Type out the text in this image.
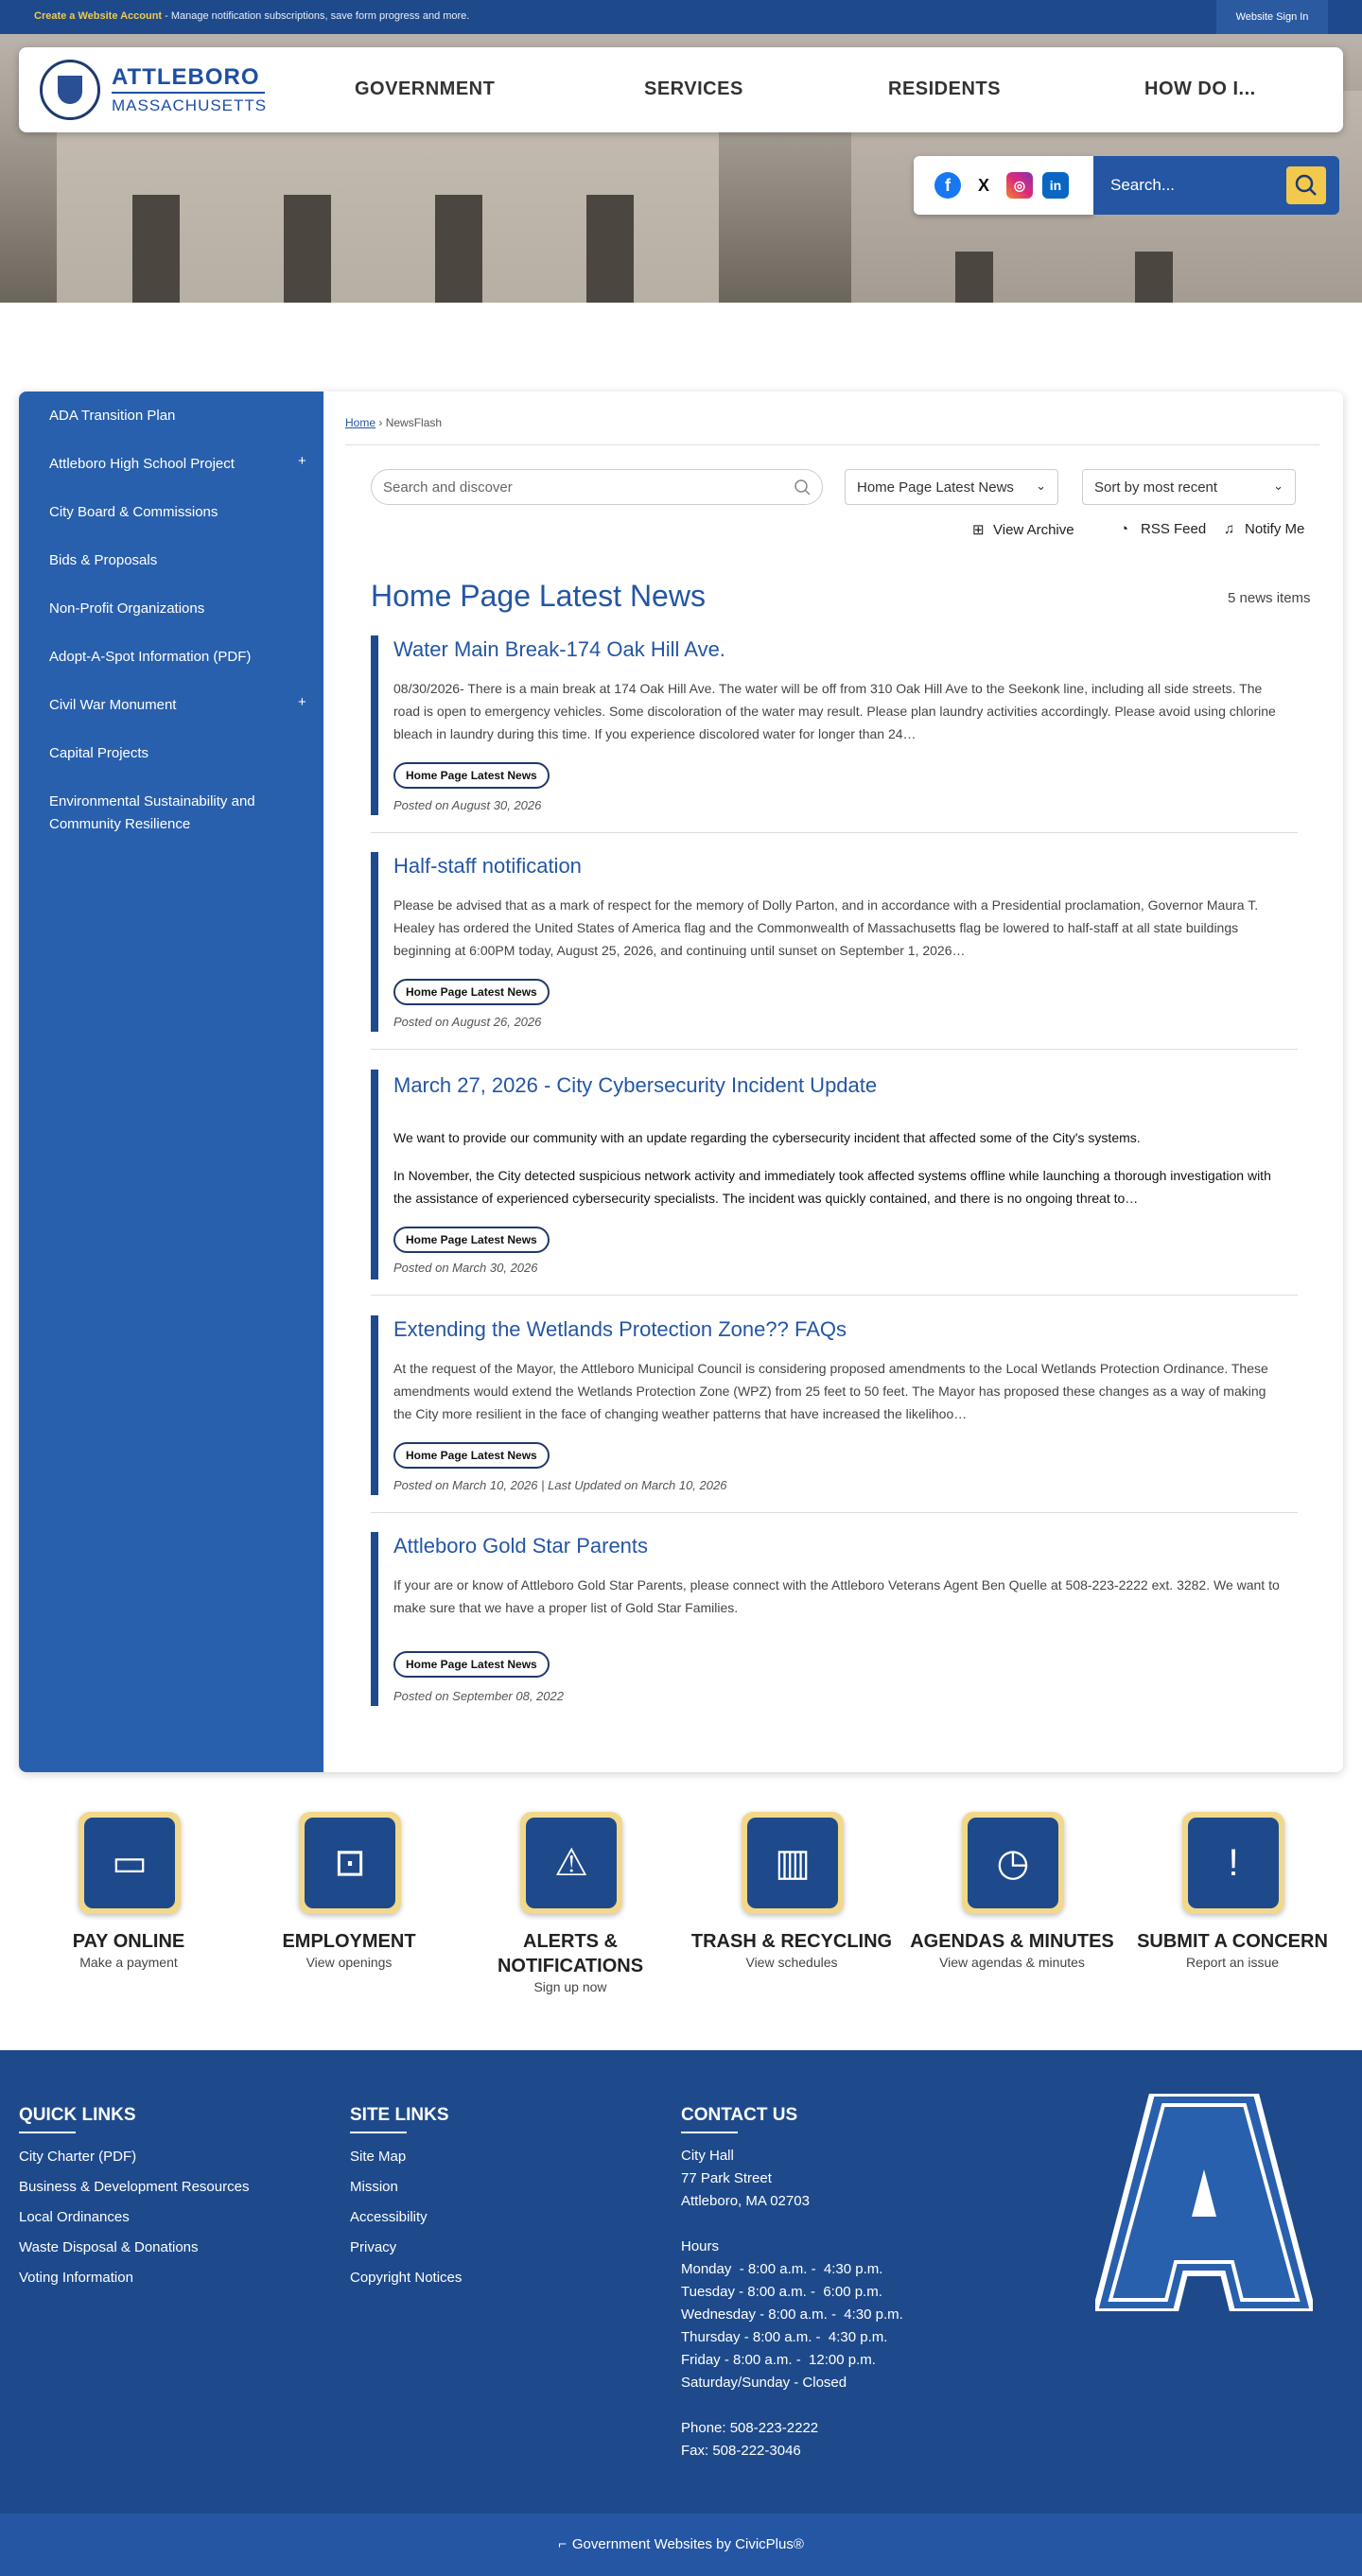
Create a Website Account - Manage notification subscriptions, save form progress and more.	Website Sign In
ATTLEBORO
MASSACHUSETTS
GOVERNMENT	SERVICES	RESIDENTS	HOW DO I...
f	X	◎	in	Search...
ADA Transition Plan
Attleboro High School Project	+
City Board & Commissions
Bids & Proposals
Non-Profit Organizations
Adopt-A-Spot Information (PDF)
Civil War Monument	+
Capital Projects
Environmental Sustainability and Community Resilience
Home › NewsFlash
Search and discover	Home Page Latest News ⌄	Sort by most recent	⌄
⊞ View Archive	◔ RSS Feed ♫ Notify Me
Home Page Latest News	5 news items
Water Main Break-174 Oak Hill Ave.
08/30/2026- There is a main break at 174 Oak Hill Ave. The water will be off from 310 Oak Hill Ave to the Seekonk line, including all side streets. The road is open to emergency vehicles. Some discoloration of the water may result. Please plan laundry activities accordingly. Please avoid using chlorine bleach in laundry during this time. If you experience discolored water for longer than 24…
Home Page Latest News
Posted on August 30, 2026
Half-staff notification
Please be advised that as a mark of respect for the memory of Dolly Parton, and in accordance with a Presidential proclamation, Governor Maura T. Healey has ordered the United States of America flag and the Commonwealth of Massachusetts flag be lowered to half-staff at all state buildings beginning at 6:00PM today, August 25, 2026, and continuing until sunset on September 1, 2026…
Home Page Latest News
Posted on August 26, 2026
March 27, 2026 - City Cybersecurity Incident Update
We want to provide our community with an update regarding the cybersecurity incident that affected some of the City's systems.
In November, the City detected suspicious network activity and immediately took affected systems offline while launching a thorough investigation with the assistance of experienced cybersecurity specialists. The incident was quickly contained, and there is no ongoing threat to…
Home Page Latest News
Posted on March 30, 2026
Extending the Wetlands Protection Zone?? FAQs
At the request of the Mayor, the Attleboro Municipal Council is considering proposed amendments to the Local Wetlands Protection Ordinance. These amendments would extend the Wetlands Protection Zone (WPZ) from 25 feet to 50 feet. The Mayor has proposed these changes as a way of making the City more resilient in the face of changing weather patterns that have increased the likelihoo…
Home Page Latest News
Posted on March 10, 2026 | Last Updated on March 10, 2026
Attleboro Gold Star Parents
If your are or know of Attleboro Gold Star Parents, please connect with the Attleboro Veterans Agent Ben Quelle at 508-223-2222 ext. 3282. We want to make sure that we have a proper list of Gold Star Families.
Home Page Latest News
Posted on September 08, 2022
▭
PAY ONLINE
Make a payment
⊡
EMPLOYMENT
View openings
⚠
ALERTS & NOTIFICATIONS
Sign up now
▥
TRASH & RECYCLING
View schedules
◷
AGENDAS & MINUTES
View agendas & minutes
!
SUBMIT A CONCERN
Report an issue
QUICK LINKS
City Charter (PDF)
Business & Development Resources
Local Ordinances
Waste Disposal & Donations
Voting Information
SITE LINKS
Site Map
Mission
Accessibility
Privacy
Copyright Notices
CONTACT US
City Hall
77 Park Street
Attleboro, MA 02703

Hours
Monday  - 8:00 a.m. -  4:30 p.m.
Tuesday - 8:00 a.m. -  6:00 p.m.
Wednesday - 8:00 a.m. -  4:30 p.m.
Thursday - 8:00 a.m. -  4:30 p.m.
Friday - 8:00 a.m. -  12:00 p.m.
Saturday/Sunday - Closed

Phone: 508-223-2222
Fax: 508-222-3046
⌐ Government Websites by CivicPlus®
